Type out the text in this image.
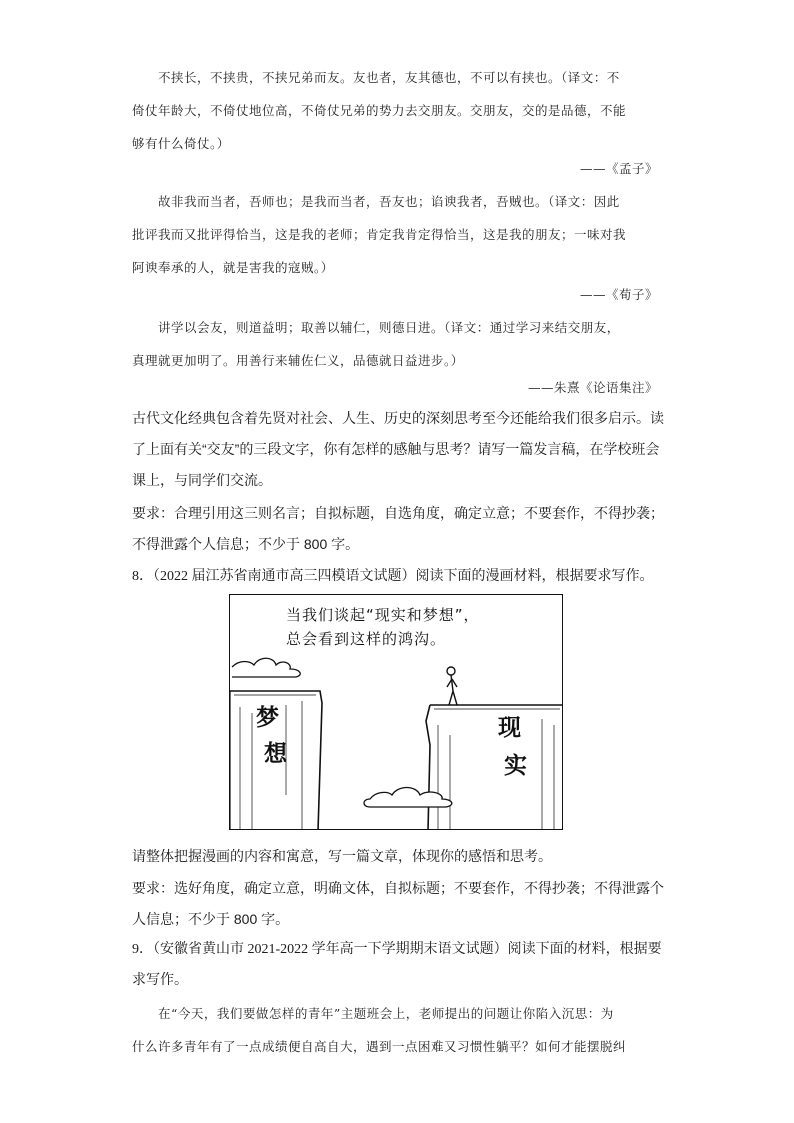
　　不挟长，不挟贵，不挟兄弟而友。友也者，友其德也，不可以有挟也。（译文：不
倚仗年龄大，不倚仗地位高，不倚仗兄弟的势力去交朋友。交朋友，交的是品德，不能
够有什么倚仗。）
——《孟子》
　　故非我而当者，吾师也；是我而当者，吾友也；谄谀我者，吾贼也。（译文：因此
批评我而又批评得恰当，这是我的老师；肯定我肯定得恰当，这是我的朋友；一味对我
阿谀奉承的人，就是害我的寇贼。）
——《荀子》
　　讲学以会友，则道益明；取善以辅仁，则德日进。（译文：通过学习来结交朋友，
真理就更加明了。用善行来辅佐仁义，品德就日益进步。）
——朱熹《论语集注》
古代文化经典包含着先贤对社会、人生、历史的深刻思考至今还能给我们很多启示。读
了上面有关“交友”的三段文字，你有怎样的感触与思考？请写一篇发言稿，在学校班会
课上，与同学们交流。
要求：合理引用这三则名言；自拟标题，自选角度，确定立意；不要套作，不得抄袭；
不得泄露个人信息；不少于 800 字。
8．（2022 届江苏省南通市高三四模语文试题）阅读下面的漫画材料，根据要求写作。
当我们谈起“现实和梦想”，
总会看到这样的鸿沟。
梦
想
现
实
请整体把握漫画的内容和寓意，写一篇文章，体现你的感悟和思考。
要求：选好角度，确定立意，明确文体，自拟标题；不要套作，不得抄袭；不得泄露个
人信息；不少于 800 字。
9．（安徽省黄山市 2021-2022 学年高一下学期期末语文试题）阅读下面的材料，根据要
求写作。
　　在“今天，我们要做怎样的青年”主题班会上，老师提出的问题让你陷入沉思：为
什么许多青年有了一点成绩便自高自大，遇到一点困难又习惯性躺平？如何才能摆脱纠
